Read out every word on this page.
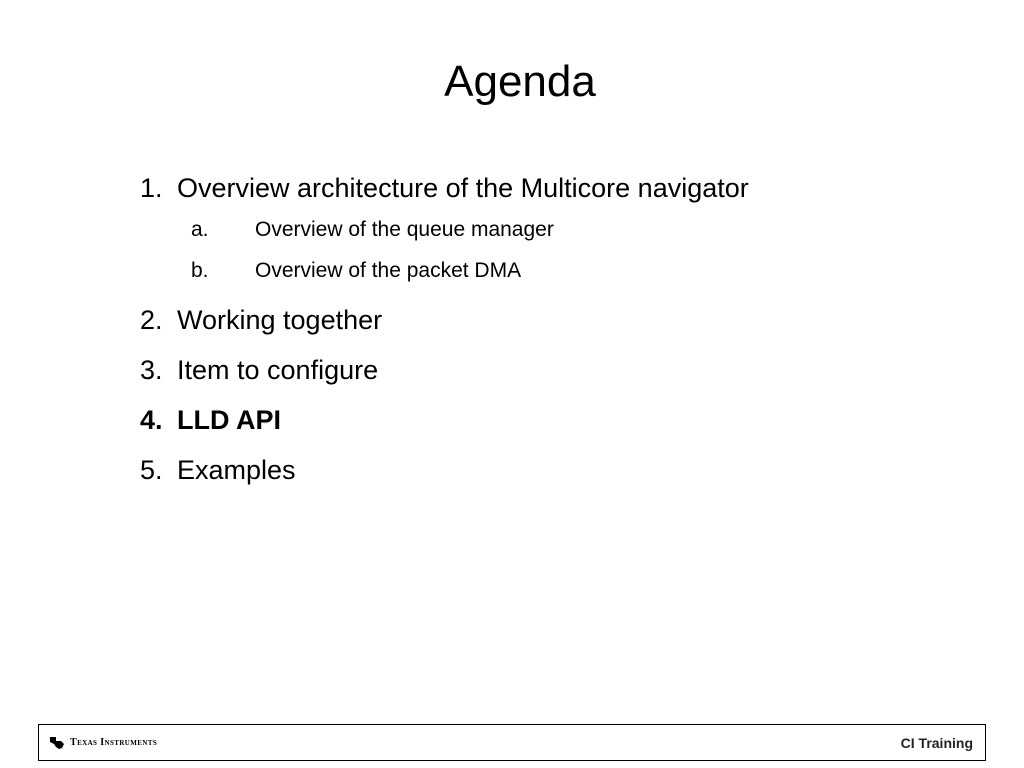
Agenda
1. Overview architecture of the Multicore navigator
a. Overview of the queue manager
b. Overview of the packet DMA
2. Working together
3. Item to configure
4. LLD API
5. Examples
Texas Instruments	CI Training
